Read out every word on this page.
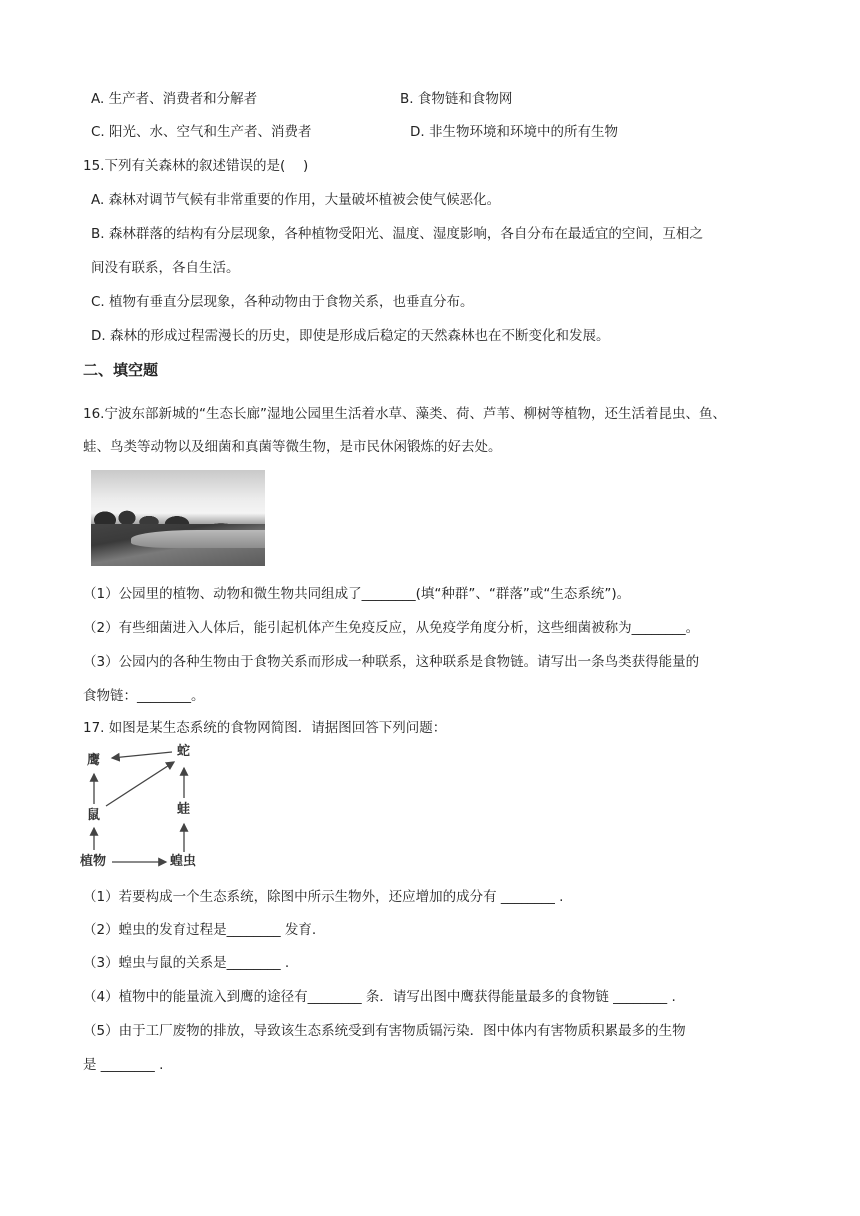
A. 生产者、消费者和分解者	B. 食物链和食物网
C. 阳光、水、空气和生产者、消费者	D. 非生物环境和环境中的所有生物
15.下列有关森林的叙述错误的是(　 )
A. 森林对调节气候有非常重要的作用，大量破坏植被会使气候恶化。
B. 森林群落的结构有分层现象，各种植物受阳光、温度、湿度影响，各自分布在最适宜的空间，互相之
间没有联系，各自生活。
C. 植物有垂直分层现象，各种动物由于食物关系，也垂直分布。
D. 森林的形成过程需漫长的历史，即使是形成后稳定的天然森林也在不断变化和发展。
二、填空题
16.宁波东部新城的“生态长廊”湿地公园里生活着水草、藻类、荷、芦苇、柳树等植物，还生活着昆虫、鱼、
蛙、鸟类等动物以及细菌和真菌等微生物，是市民休闲锻炼的好去处。
（1）公园里的植物、动物和微生物共同组成了________(填“种群”、“群落”或“生态系统”)。
（2）有些细菌进入人体后，能引起机体产生免疫反应，从免疫学角度分析，这些细菌被称为________。
（3）公园内的各种生物由于食物关系而形成一种联系，这种联系是食物链。请写出一条鸟类获得能量的
食物链：________。
17. 如图是某生态系统的食物网简图．请据图回答下列问题：
鹰
蛇
蛙
鼠
植物	蝗虫
（1）若要构成一个生态系统，除图中所示生物外，还应增加的成分有 ________ .
（2）蝗虫的发育过程是________ 发育.
（3）蝗虫与鼠的关系是________ .
（4）植物中的能量流入到鹰的途径有________ 条．请写出图中鹰获得能量最多的食物链 ________ .
（5）由于工厂废物的排放，导致该生态系统受到有害物质镉污染．图中体内有害物质积累最多的生物
是 ________ .
